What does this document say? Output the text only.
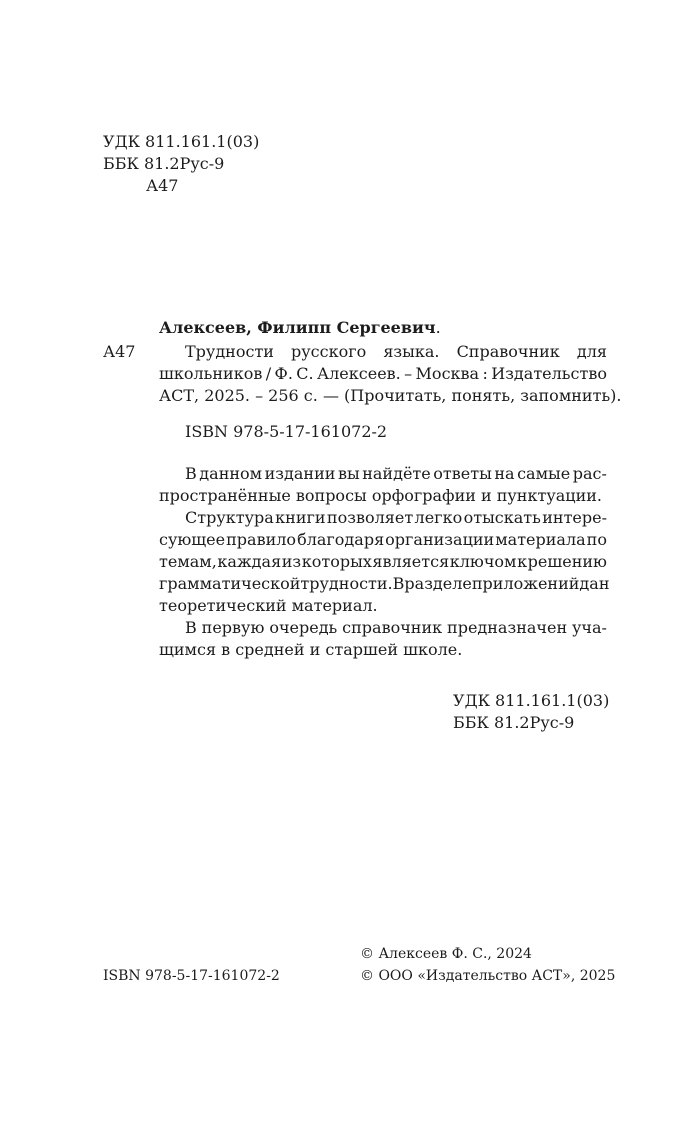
УДК 811.161.1(03)
ББК 81.2Рус-9
А47
Алексеев, Филипп Сергеевич.
А47	Трудности русского языка. Справочник для
школьников / Ф. С. Алексеев. – Москва : Издательство
АСТ, 2025. – 256 с. — (Прочитать, понять, запомнить).
ISBN 978-5-17-161072-2
В данном издании вы найдёте ответы на самые рас-
пространённые вопросы орфографии и пунктуации.
Структура книги позволяет легко отыскать интере-
сующее правило благодаря организации материала по
темам, каждая из которых является ключом к решению
грамматической трудности. В разделе приложений дан
теоретический материал.
В первую очередь справочник предназначен уча-
щимся в средней и старшей школе.
УДК 811.161.1(03)
ББК 81.2Рус-9
© Алексеев Ф. С., 2024
© ООО «Издательство АСТ», 2025
ISBN 978-5-17-161072-2
